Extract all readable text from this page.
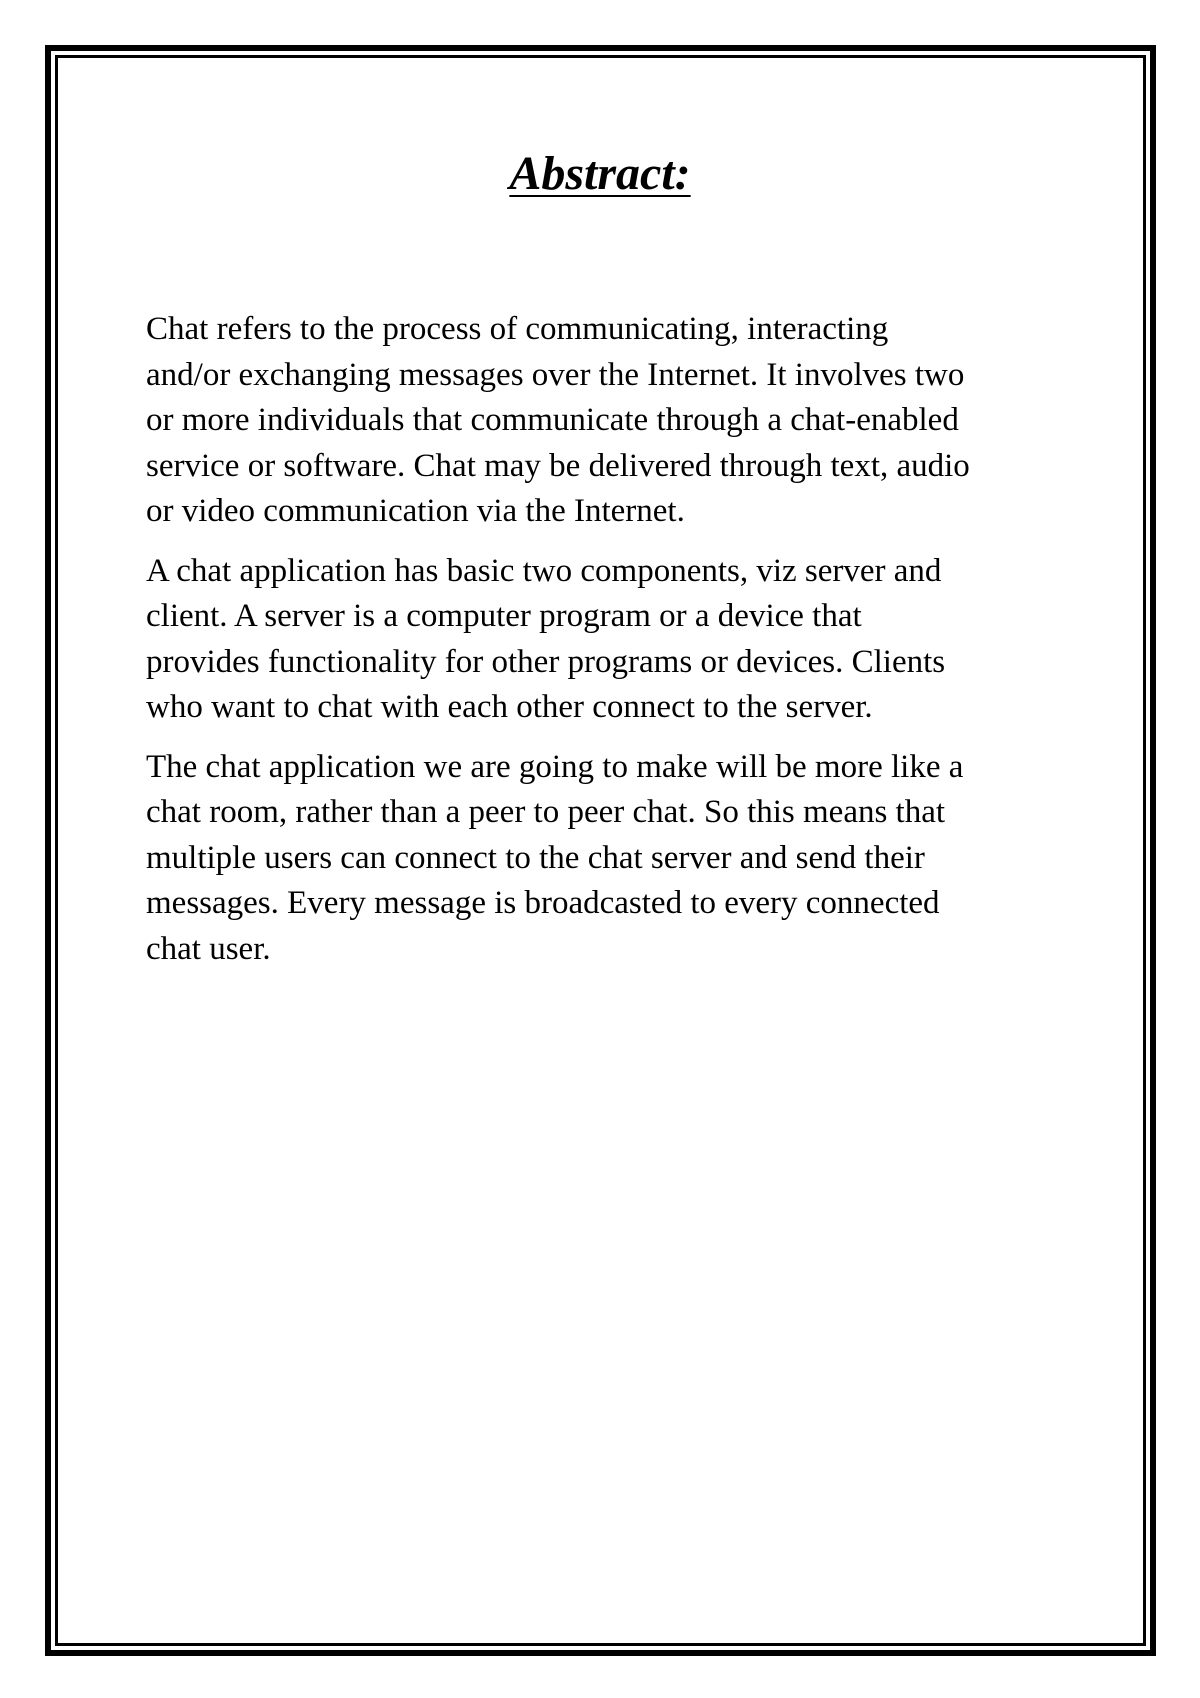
Abstract:

Chat refers to the process of communicating, interacting
and/or exchanging messages over the Internet. It involves two
or more individuals that communicate through a chat-enabled
service or software. Chat may be delivered through text, audio
or video communication via the Internet.

A chat application has basic two components, viz server and
client. A server is a computer program or a device that
provides functionality for other programs or devices. Clients
who want to chat with each other connect to the server.

The chat application we are going to make will be more like a
chat room, rather than a peer to peer chat. So this means that
multiple users can connect to the chat server and send their
messages. Every message is broadcasted to every connected
chat user.
